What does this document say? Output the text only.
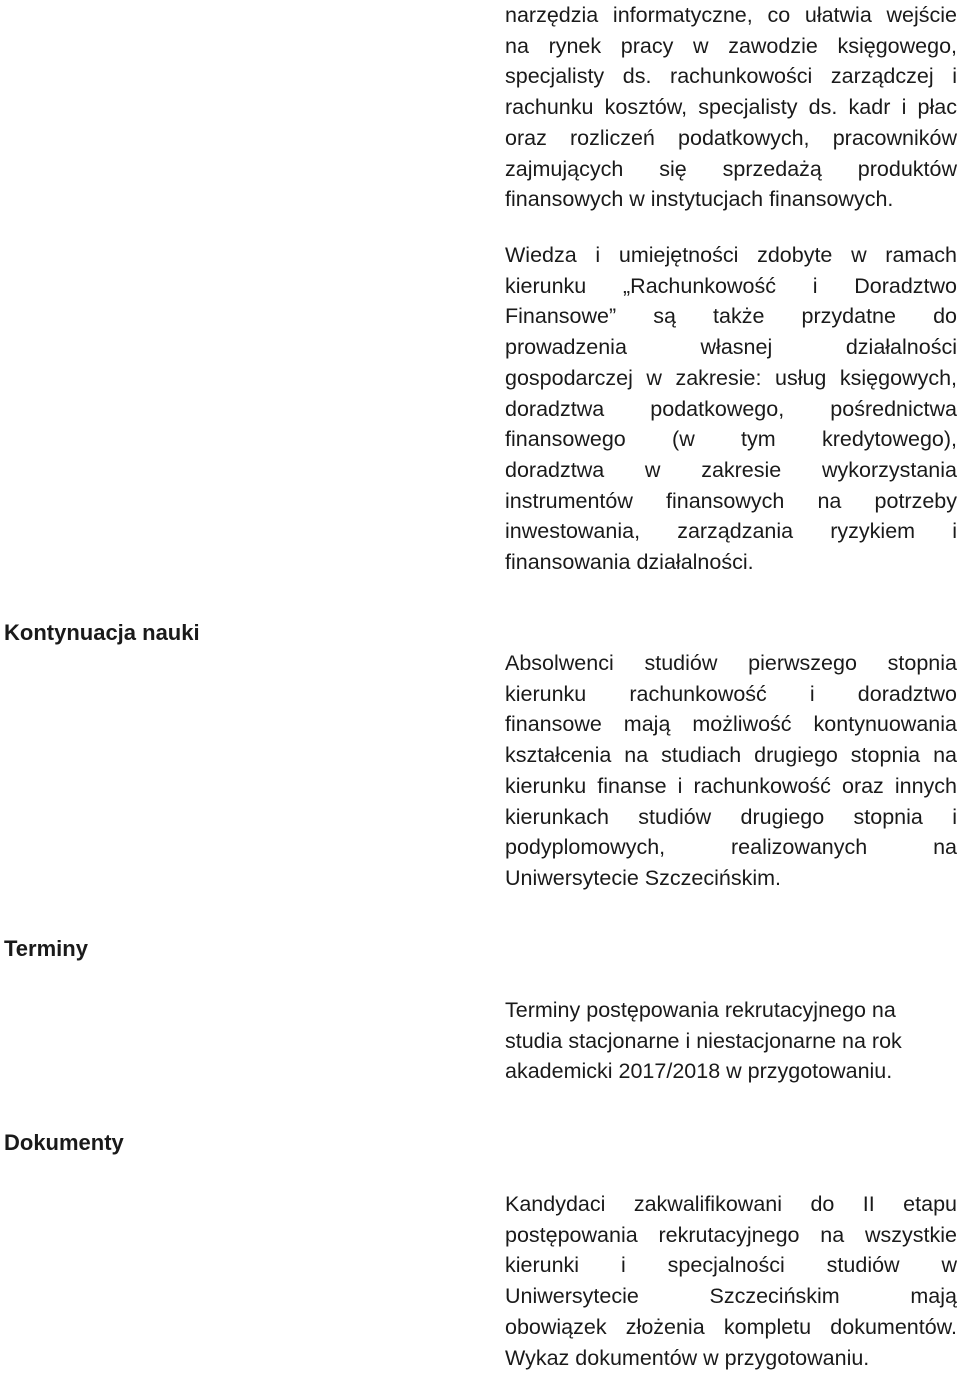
narzędzia informatyczne, co ułatwia wejście
na rynek pracy w zawodzie księgowego,
specjalisty ds. rachunkowości zarządczej i
rachunku kosztów, specjalisty ds. kadr i płac
oraz rozliczeń podatkowych, pracowników
zajmujących się sprzedażą produktów
finansowych w instytucjach finansowych.
Wiedza i umiejętności zdobyte w ramach
kierunku „Rachunkowość i Doradztwo
Finansowe” są także przydatne do
prowadzenia własnej działalności
gospodarczej w zakresie: usług księgowych,
doradztwa podatkowego, pośrednictwa
finansowego (w tym kredytowego),
doradztwa w zakresie wykorzystania
instrumentów finansowych na potrzeby
inwestowania, zarządzania ryzykiem i
finansowania działalności.
Kontynuacja nauki
Absolwenci studiów pierwszego stopnia
kierunku rachunkowość i doradztwo
finansowe mają możliwość kontynuowania
kształcenia na studiach drugiego stopnia na
kierunku finanse i rachunkowość oraz innych
kierunkach studiów drugiego stopnia i
podyplomowych, realizowanych na
Uniwersytecie Szczecińskim.
Terminy
Terminy postępowania rekrutacyjnego na
studia stacjonarne i niestacjonarne na rok
akademicki 2017/2018 w przygotowaniu.
Dokumenty
Kandydaci zakwalifikowani do II etapu
postępowania rekrutacyjnego na wszystkie
kierunki i specjalności studiów w
Uniwersytecie Szczecińskim mają
obowiązek złożenia kompletu dokumentów.
Wykaz dokumentów w przygotowaniu.
